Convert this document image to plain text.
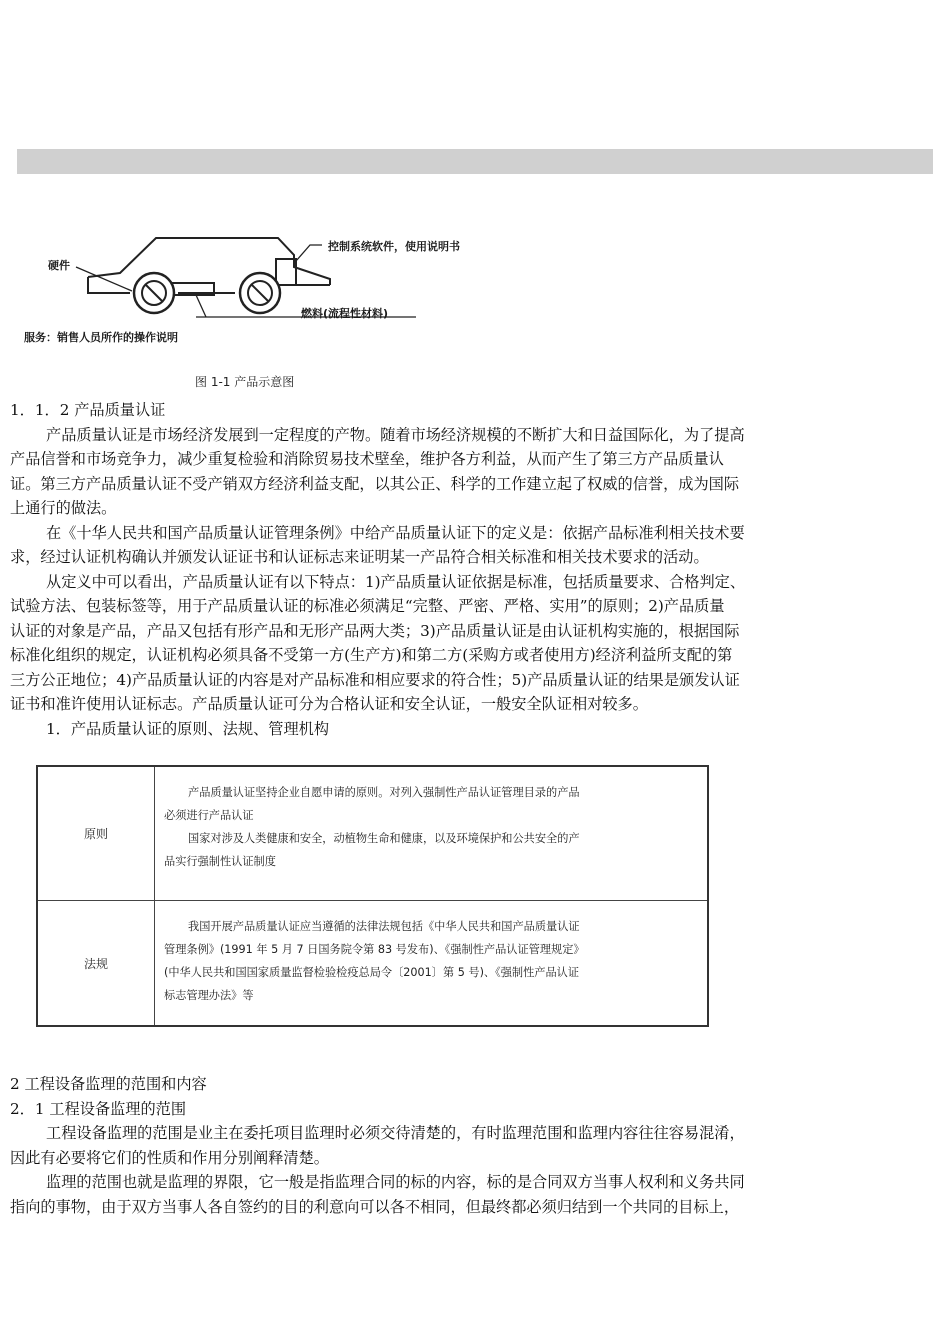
硬件
控制系统软件，使用说明书
燃料(流程性材料)
服务：销售人员所作的操作说明
图 1-1 产品示意图
1．1．2 产品质量认证
产品质量认证是市场经济发展到一定程度的产物。随着市场经济规模的不断扩大和日益国际化，为了提高
产品信誉和市场竞争力，减少重复检验和消除贸易技术壁垒，维护各方利益，从而产生了第三方产品质量认
证。第三方产品质量认证不受产销双方经济利益支配，以其公正、科学的工作建立起了权威的信誉，成为国际
上通行的做法。
在《十华人民共和国产品质量认证管理条例》中给产品质量认证下的定义是：依据产品标准利相关技术要
求，经过认证机构确认并颁发认证证书和认证标志来证明某一产品符合相关标准和相关技术要求的活动。
从定义中可以看出，产品质量认证有以下特点：1)产品质量认证依据是标准，包括质量要求、合格判定、
试验方法、包装标签等，用于产品质量认证的标准必须满足“完整、严密、严格、实用”的原则；2)产品质量
认证的对象是产品，产品又包括有形产品和无形产品两大类；3)产品质量认证是由认证机构实施的，根据国际
标准化组织的规定，认证机构必须具备不受第一方(生产方)和第二方(采购方或者使用方)经济利益所支配的第
三方公正地位；4)产品质量认证的内容是对产品标准和相应要求的符合性；5)产品质量认证的结果是颁发认证
证书和准许使用认证标志。产品质量认证可分为合格认证和安全认证，一般安全队证相对较多。
1．产品质量认证的原则、法规、管理机构
原则
产品质量认证坚持企业自愿申请的原则。对列入强制性产品认证管理目录的产品
必须进行产品认证
国家对涉及人类健康和安全，动植物生命和健康，以及环境保护和公共安全的产
品实行强制性认证制度
法规
我国开展产品质量认证应当遵循的法律法规包括《中华人民共和国产品质量认证
管理条例》(1991 年 5 月 7 日国务院令第 83 号发布)、《强制性产品认证管理规定》
(中华人民共和国国家质量监督检验检疫总局令〔2001〕第 5 号)、《强制性产品认证
标志管理办法》等
2 工程设备监理的范围和内容
2．1 工程设备监理的范围
工程设备监理的范围是业主在委托项目监理时必须交待清楚的，有时监理范围和监理内容往往容易混淆，
因此有必要将它们的性质和作用分别阐释清楚。
监理的范围也就是监理的界限，它一般是指监理合同的标的内容，标的是合同双方当事人权利和义务共同
指向的事物，由于双方当事人各自签约的目的利意向可以各不相同，但最终都必须归结到一个共同的目标上，
